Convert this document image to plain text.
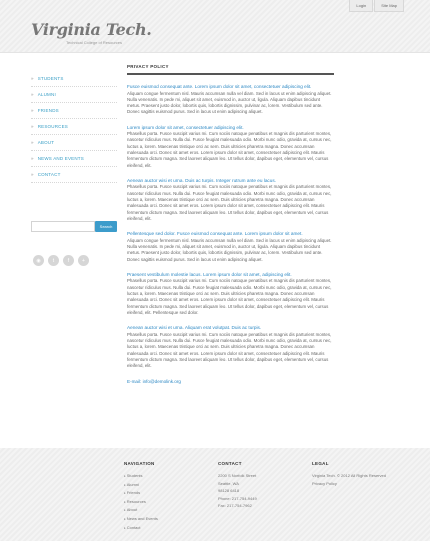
Login	Site Map
Virginia Tech.
Technical College of Resources
» STUDENTS
» ALUMNI
» FRIENDS
» RESOURCES
» ABOUT
» NEWS AND EVENTS
» CONTACT
Search
◉	t	f	+
PRIVACY POLICY
Fusce euismod consequat ante. Lorem ipsum dolor sit amet, consectetuer adipiscing elit.
Aliquam congue fermentum nisl. Mauris accumsan nulla vel diam. Sed in lacus ut enim adipiscing aliquet. Nulla venenatis. In pede mi, aliquet sit amet, euismod in, auctor ut, ligula. Aliquam dapibus tincidunt metus. Praesent justo dolor, lobortis quis, lobortis dignissim, pulvinar ac, lorem. Vestibulum sed ante. Donec sagittis euismod purus. Sed in lacus ut enim adipiscing aliquet.
Lorem ipsum dolor sit amet, consectetuer adipiscing elit.
Phasellus porta. Fusce suscipit varius mi. Cum sociis natoque penatibus et magnis dis parturient montes, nascetur ridiculus mus. Nulla dui. Fusce feugiat malesuada odio. Morbi nunc odio, gravida at, cursus nec, luctus a, lorem. Maecenas tristique orci ac sem. Duis ultricies pharetra magna. Donec accumsan malesuada orci. Donec sit amet eros. Lorem ipsum dolor sit amet, consectetuer adipiscing elit. Mauris fermentum dictum magna. Sed laoreet aliquam leo. Ut tellus dolor, dapibus eget, elementum vel, cursus eleifend, elit.
Aenean auctor wisi et urna. Duis ac turpis. Integer rutrum ante eu lacus.
Phasellus porta. Fusce suscipit varius mi. Cum sociis natoque penatibus et magnis dis parturient montes, nascetur ridiculus mus. Nulla dui. Fusce feugiat malesuada odio. Morbi nunc odio, gravida at, cursus nec, luctus a, lorem. Maecenas tristique orci ac sem. Duis ultricies pharetra magna. Donec accumsan malesuada orci. Donec sit amet eros. Lorem ipsum dolor sit amet, consectetuer adipiscing elit. Mauris fermentum dictum magna. Sed laoreet aliquam leo. Ut tellus dolor, dapibus eget, elementum vel, cursus eleifend, elit.
Pellentesque sed dolor. Fusce euismod consequat ante. Lorem ipsum dolor sit amet.
Aliquam congue fermentum nisl. Mauris accumsan nulla vel diam. Sed in lacus ut enim adipiscing aliquet. Nulla venenatis. In pede mi, aliquet sit amet, euismod in, auctor ut, ligula. Aliquam dapibus tincidunt metus. Praesent justo dolor, lobortis quis, lobortis dignissim, pulvinar ac, lorem. Vestibulum sed ante. Donec sagittis euismod purus. Sed in lacus ut enim adipiscing aliquet.
Praesent vestibulum molestie lacus. Lorem ipsum dolor sit amet, adipiscing elit.
Phasellus porta. Fusce suscipit varius mi. Cum sociis natoque penatibus et magnis dis parturient montes, nascetur ridiculus mus. Nulla dui. Fusce feugiat malesuada odio. Morbi nunc odio, gravida at, cursus nec, luctus a, lorem. Maecenas tristique orci ac sem. Duis ultricies pharetra magna. Donec accumsan malesuada orci. Donec sit amet eros. Lorem ipsum dolor sit amet, consectetuer adipiscing elit. Mauris fermentum dictum magna. Sed laoreet aliquam leo. Ut tellus dolor, dapibus eget, elementum vel, cursus eleifend, elit. Pellentesque sed dolor.
Aenean auctor wisi et urna. Aliquam erat volutpat. Duis ac turpis.
Phasellus porta. Fusce suscipit varius mi. Cum sociis natoque penatibus et magnis dis parturient montes, nascetur ridiculus mus. Nulla dui. Fusce feugiat malesuada odio. Morbi nunc odio, gravida at, cursus nec, luctus a, lorem. Maecenas tristique orci ac sem. Duis ultricies pharetra magna. Donec accumsan malesuada orci. Donec sit amet eros. Lorem ipsum dolor sit amet, consectetuer adipiscing elit. Mauris fermentum dictum magna. Sed laoreet aliquam leo. Ut tellus dolor, dapibus eget, elementum vel, cursus eleifend, elit.
E-mail: info@demolink.org
NAVIGATION

▸ Students

▸ Alumni

▸ Friends

▸ Resources

▸ About

▸ News and Events

▸ Contact

CONTACT

2200 S Norfolk Street

Seattle, WA

98128 6418

Phone: 217-754-9449

Fax: 217-754-7962

LEGAL

Virginia Tech. © 2012 All Rights Reserved

Privacy Policy
